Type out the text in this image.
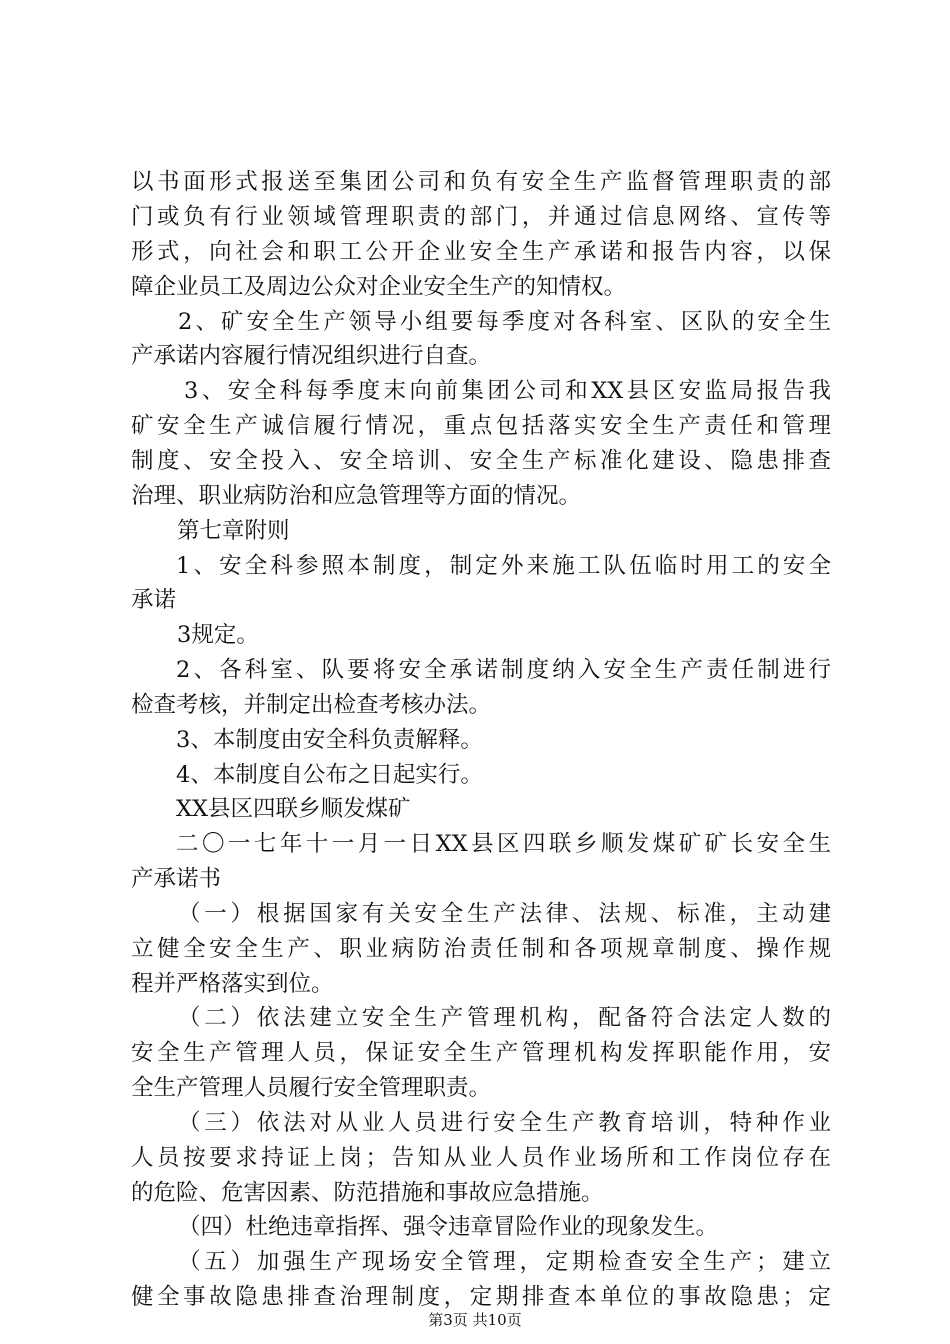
以书面形式报送至集团公司和负有安全生产监督管理职责的部
门或负有行业领域管理职责的部门，并通过信息网络、宣传等
形式，向社会和职工公开企业安全生产承诺和报告内容，以保
障企业员工及周边公众对企业安全生产的知情权。
2、矿安全生产领导小组要每季度对各科室、区队的安全生
产承诺内容履行情况组织进行自查。
3、安全科每季度末向前集团公司和XX县区安监局报告我
矿安全生产诚信履行情况，重点包括落实安全生产责任和管理
制度、安全投入、安全培训、安全生产标准化建设、隐患排查
治理、职业病防治和应急管理等方面的情况。
第七章附则
1、安全科参照本制度，制定外来施工队伍临时用工的安全
承诺
3规定。
2、各科室、队要将安全承诺制度纳入安全生产责任制进行
检查考核，并制定出检查考核办法。
3、本制度由安全科负责解释。
4、本制度自公布之日起实行。
XX县区四联乡顺发煤矿
二〇一七年十一月一日XX县区四联乡顺发煤矿矿长安全生
产承诺书
（一）根据国家有关安全生产法律、法规、标准，主动建
立健全安全生产、职业病防治责任制和各项规章制度、操作规
程并严格落实到位。
（二）依法建立安全生产管理机构，配备符合法定人数的
安全生产管理人员，保证安全生产管理机构发挥职能作用，安
全生产管理人员履行安全管理职责。
（三）依法对从业人员进行安全生产教育培训，特种作业
人员按要求持证上岗；告知从业人员作业场所和工作岗位存在
的危险、危害因素、防范措施和事故应急措施。
（四）杜绝违章指挥、强令违章冒险作业的现象发生。
（五）加强生产现场安全管理，定期检查安全生产；建立
健全事故隐患排查治理制度，定期排查本单位的事故隐患；定
第3页 共10页
